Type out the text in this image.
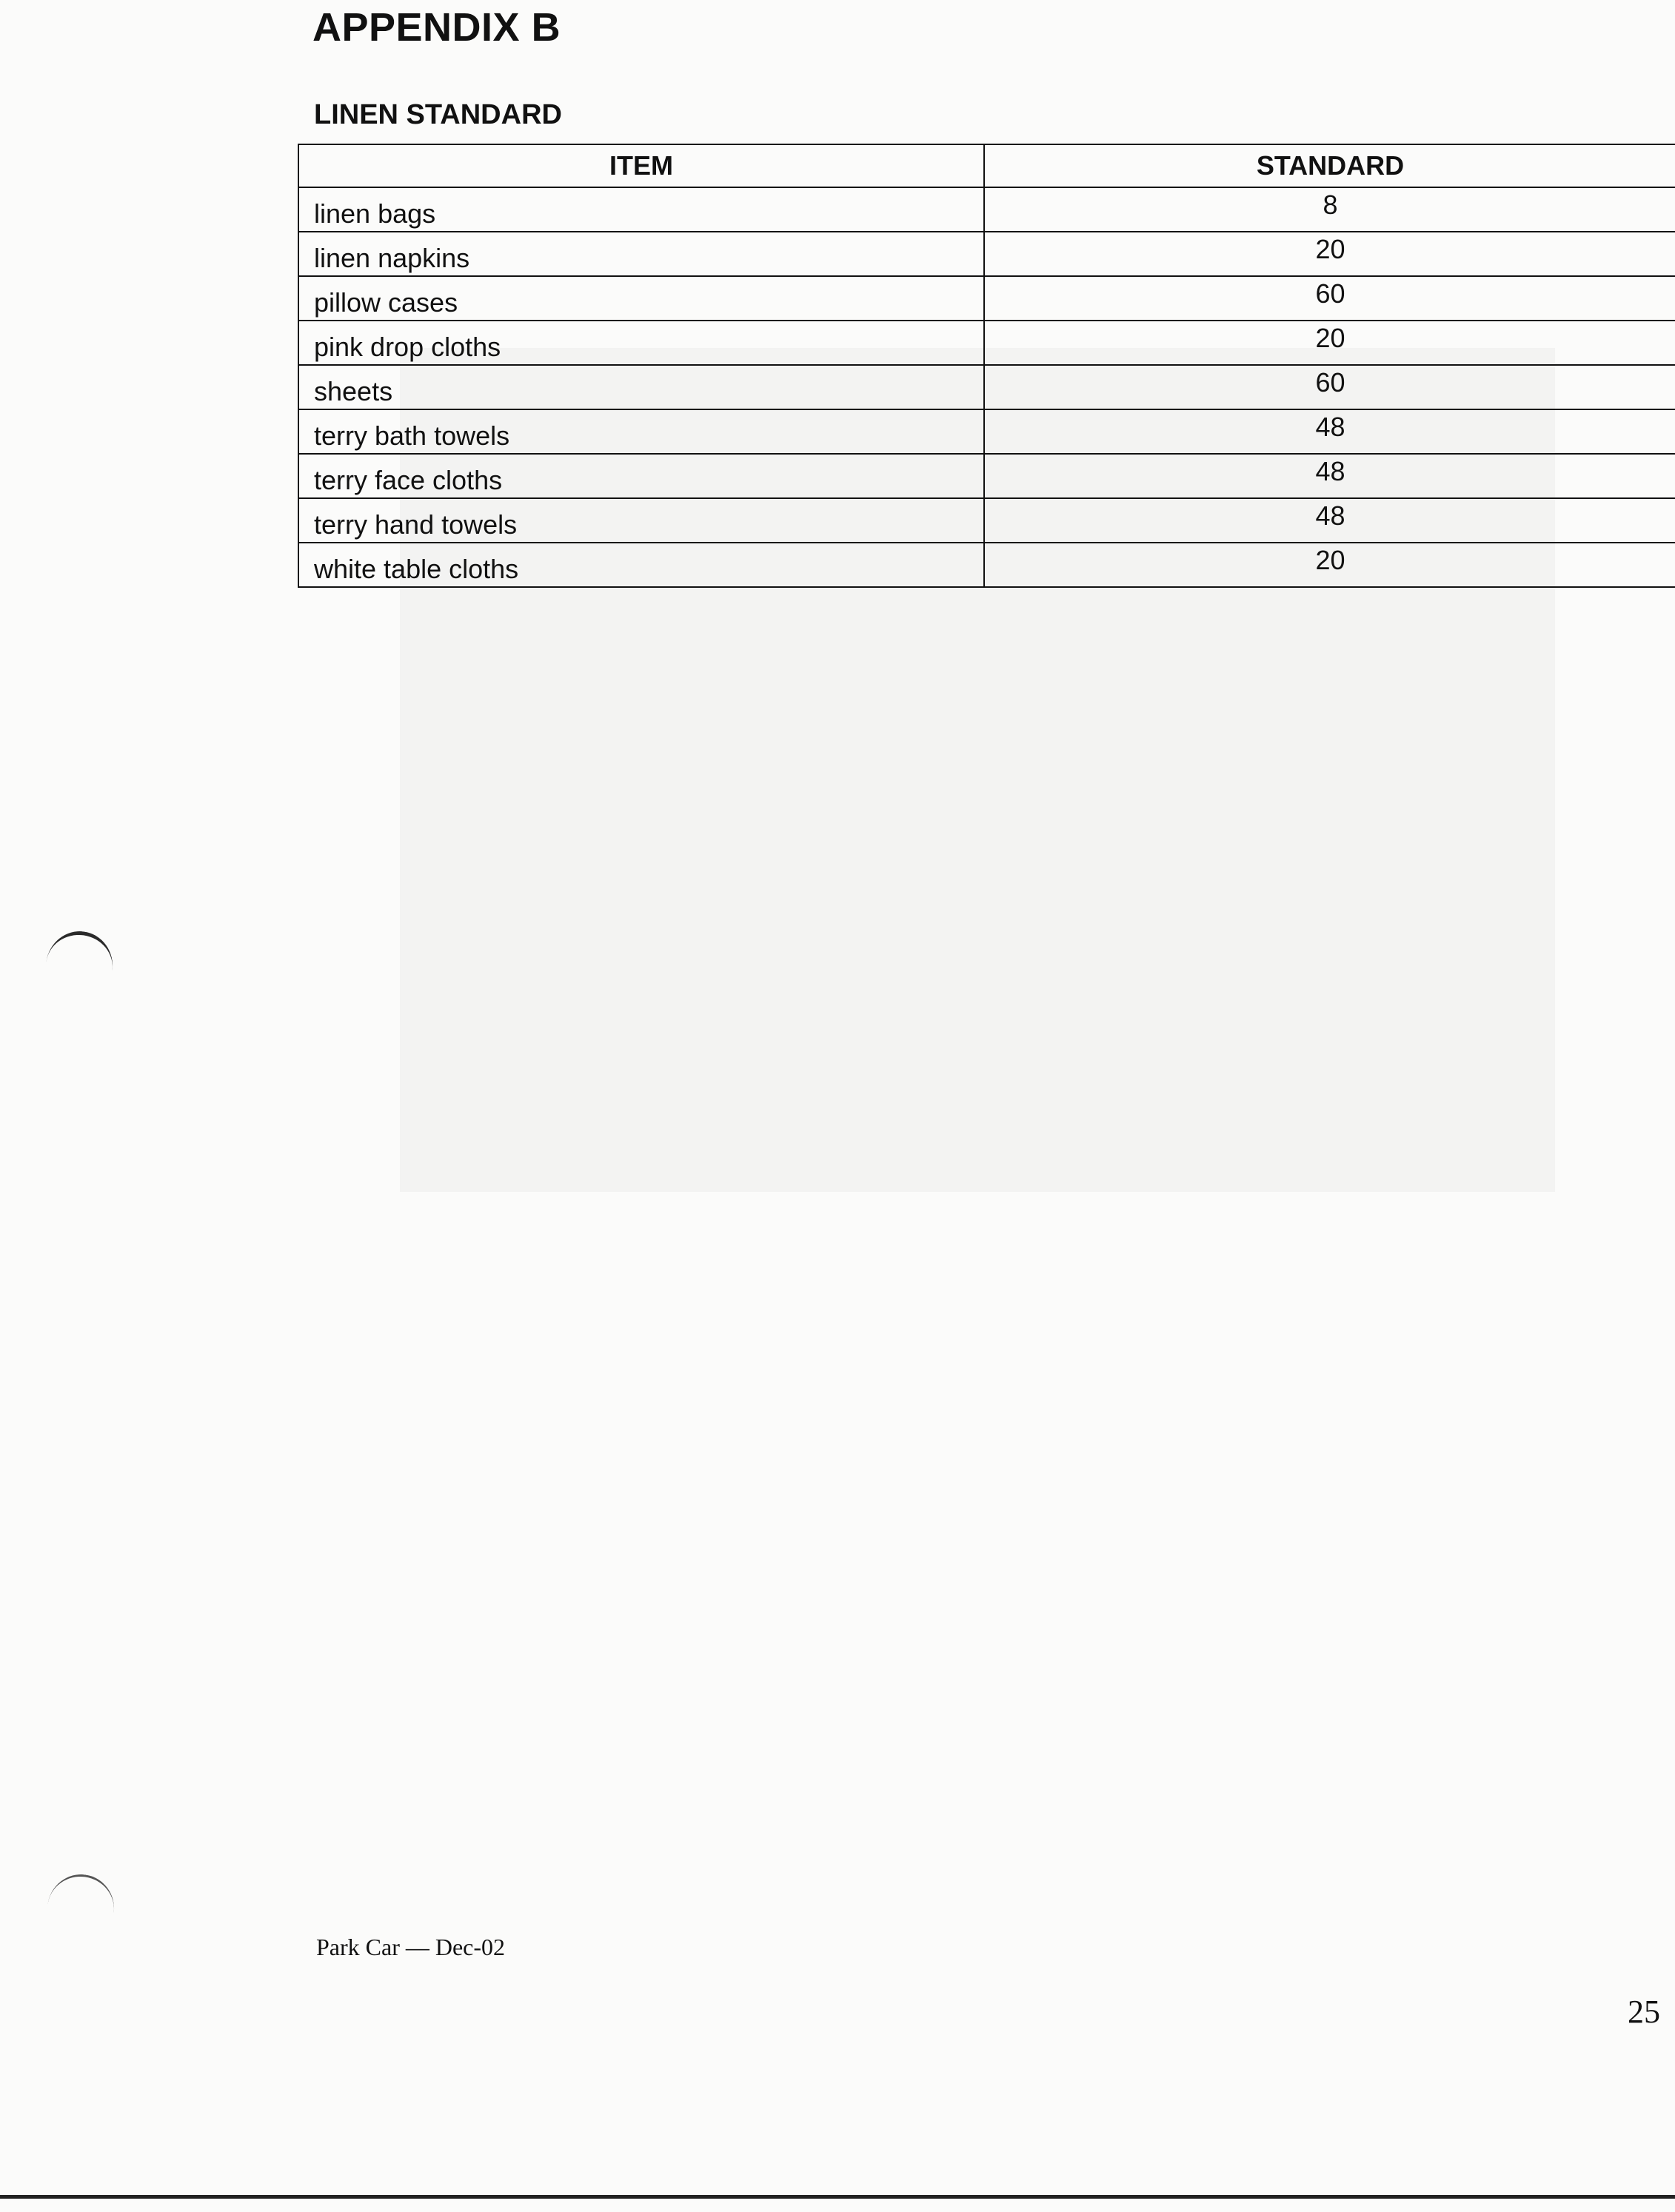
APPENDIX B
LINEN STANDARD
ITEM	STANDARD
linen bags	8
linen napkins	20
pillow cases	60
pink drop cloths	20
sheets	60
terry bath towels	48
terry face cloths	48
terry hand towels	48
white table cloths	20
Park Car — Dec-02
25
